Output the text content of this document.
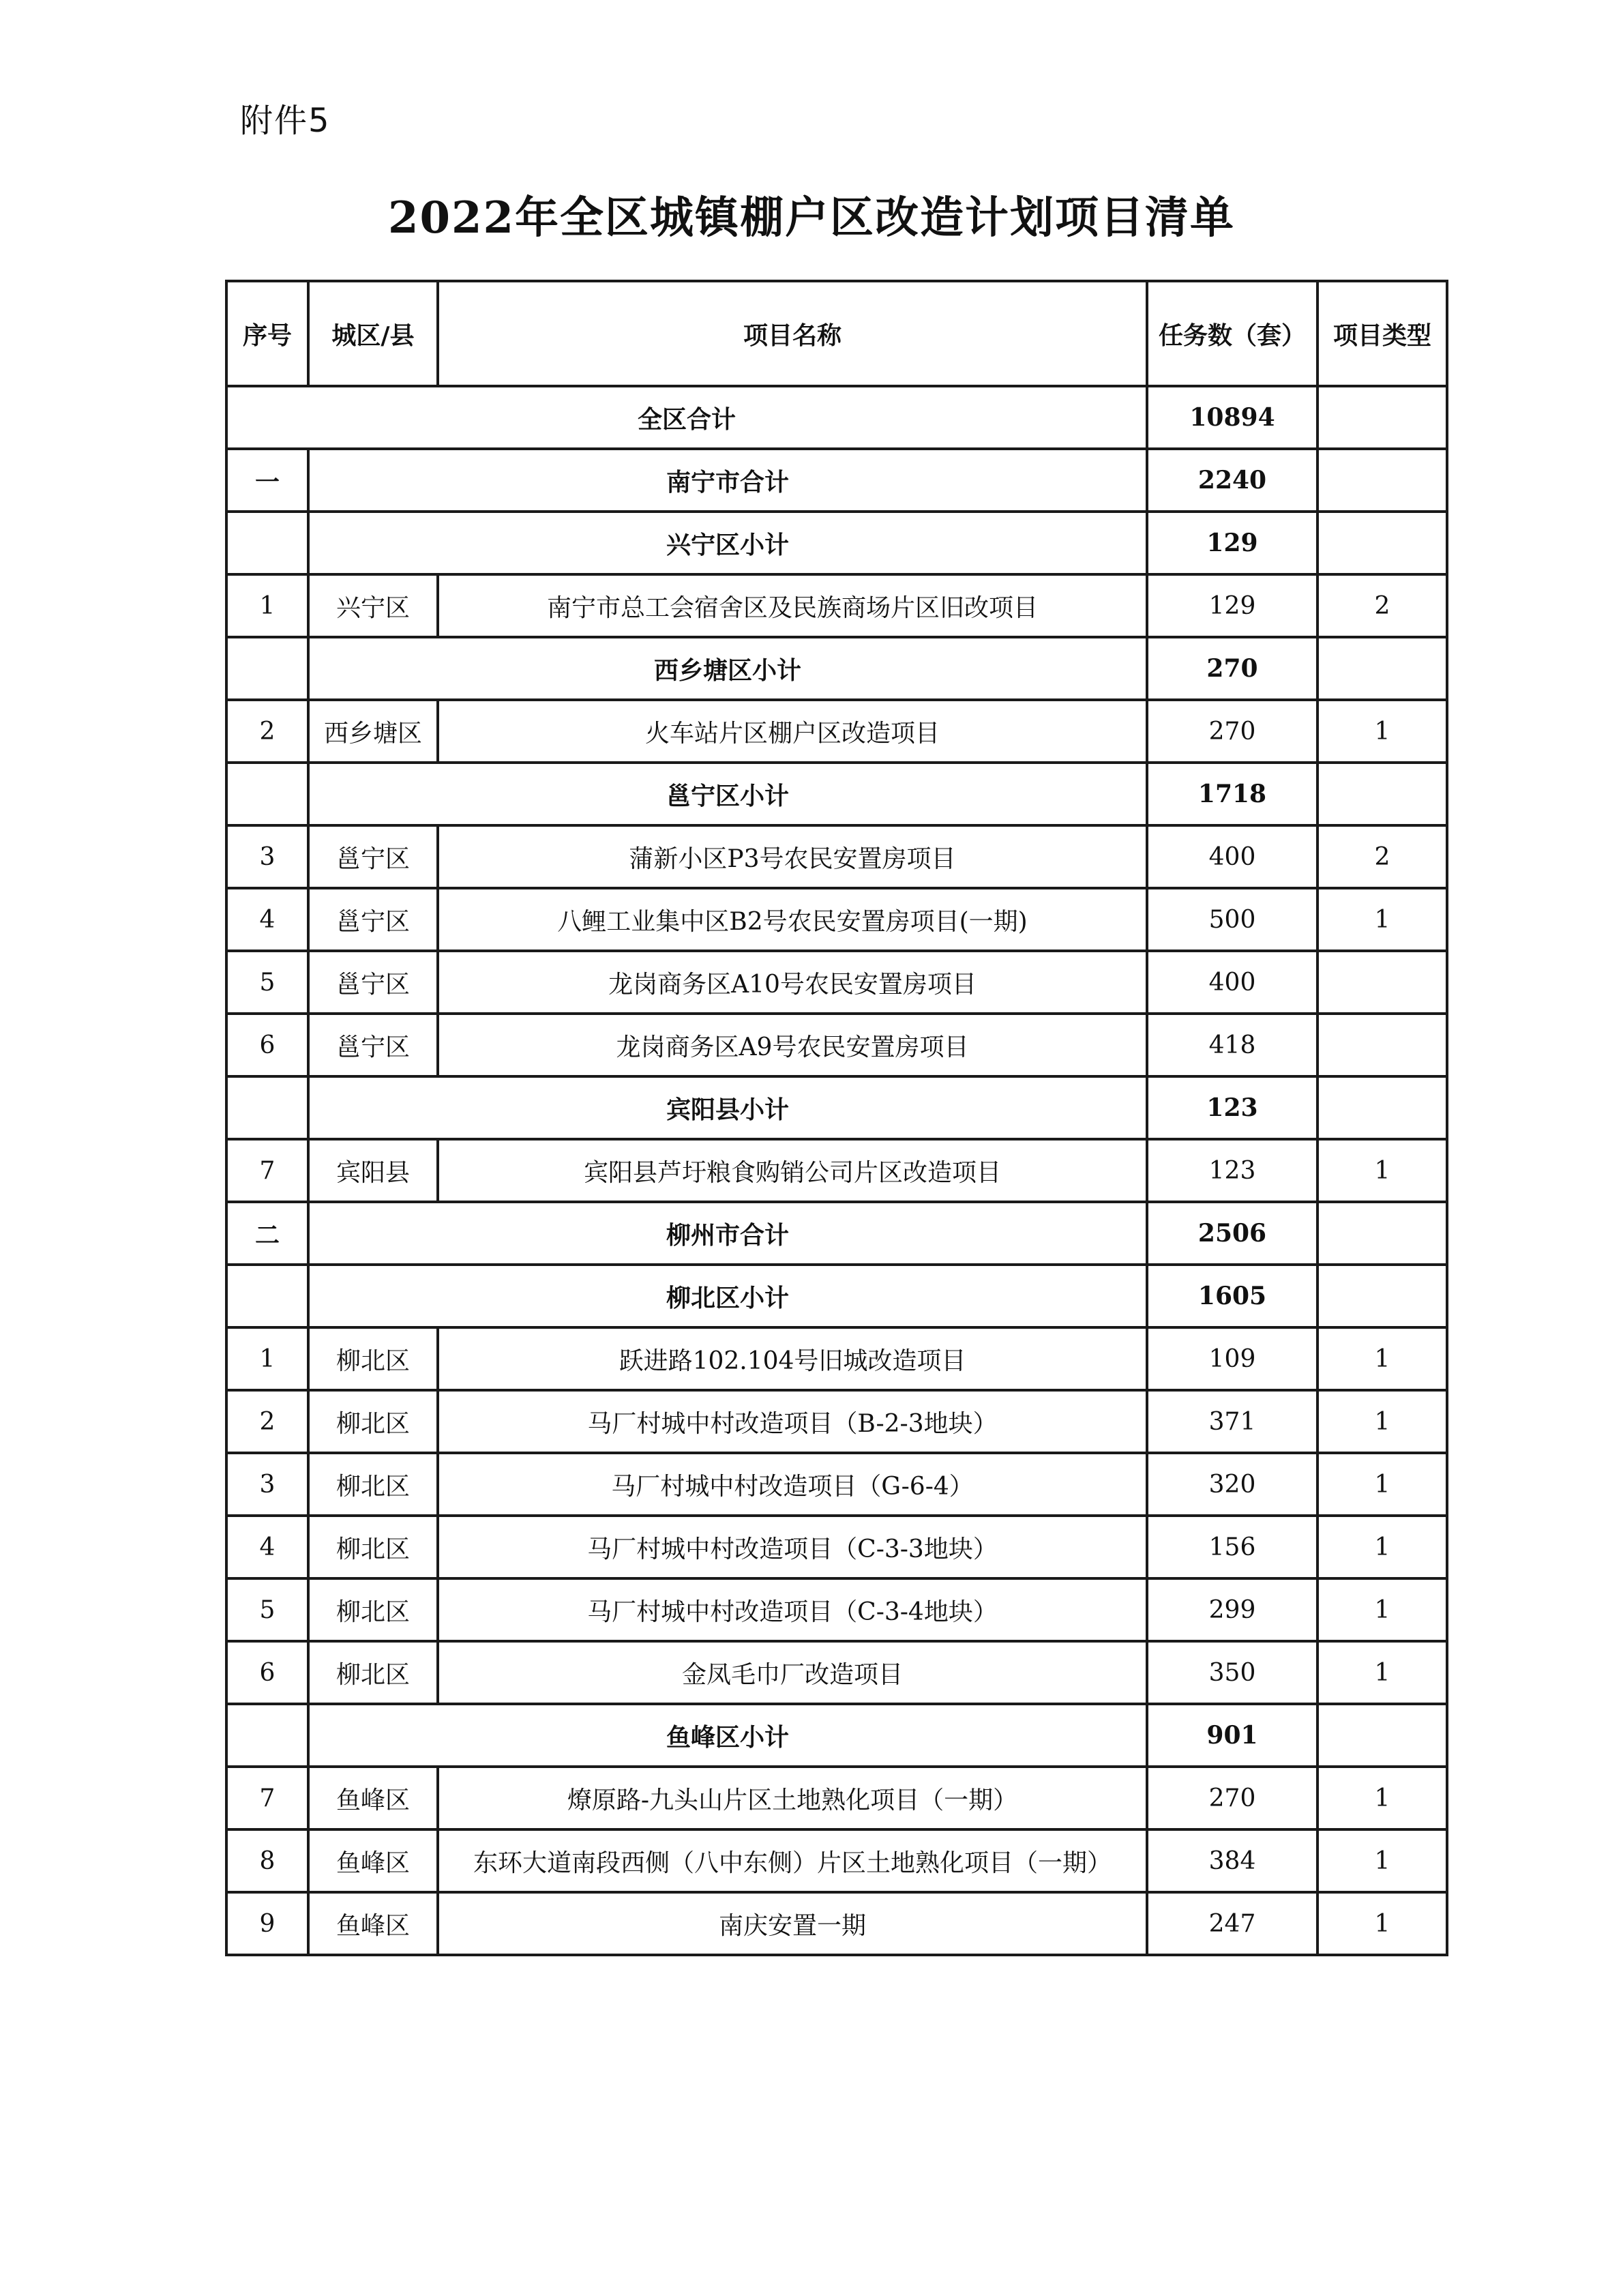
附件5
2022年全区城镇棚户区改造计划项目清单
序号	城区/县	项目名称	任务数（套）	项目类型
全区合计			10894	
一	南宁市合计		2240	
	兴宁区小计		129	
1	兴宁区	南宁市总工会宿舍区及民族商场片区旧改项目	129	2
	西乡塘区小计		270	
2	西乡塘区	火车站片区棚户区改造项目	270	1
	邕宁区小计		1718	
3	邕宁区	蒲新小区P3号农民安置房项目	400	2
4	邕宁区	八鲤工业集中区B2号农民安置房项目(一期)	500	1
5	邕宁区	龙岗商务区A10号农民安置房项目	400	
6	邕宁区	龙岗商务区A9号农民安置房项目	418	
	宾阳县小计		123	
7	宾阳县	宾阳县芦圩粮食购销公司片区改造项目	123	1
二	柳州市合计		2506	
	柳北区小计		1605	
1	柳北区	跃进路102.104号旧城改造项目	109	1
2	柳北区	马厂村城中村改造项目（B-2-3地块）	371	1
3	柳北区	马厂村城中村改造项目（G-6-4）	320	1
4	柳北区	马厂村城中村改造项目（C-3-3地块）	156	1
5	柳北区	马厂村城中村改造项目（C-3-4地块）	299	1
6	柳北区	金凤毛巾厂改造项目	350	1
	鱼峰区小计		901	
7	鱼峰区	燎原路-九头山片区土地熟化项目（一期）	270	1
8	鱼峰区	东环大道南段西侧（八中东侧）片区土地熟化项目（一期）	384	1
9	鱼峰区	南庆安置一期	247	1
